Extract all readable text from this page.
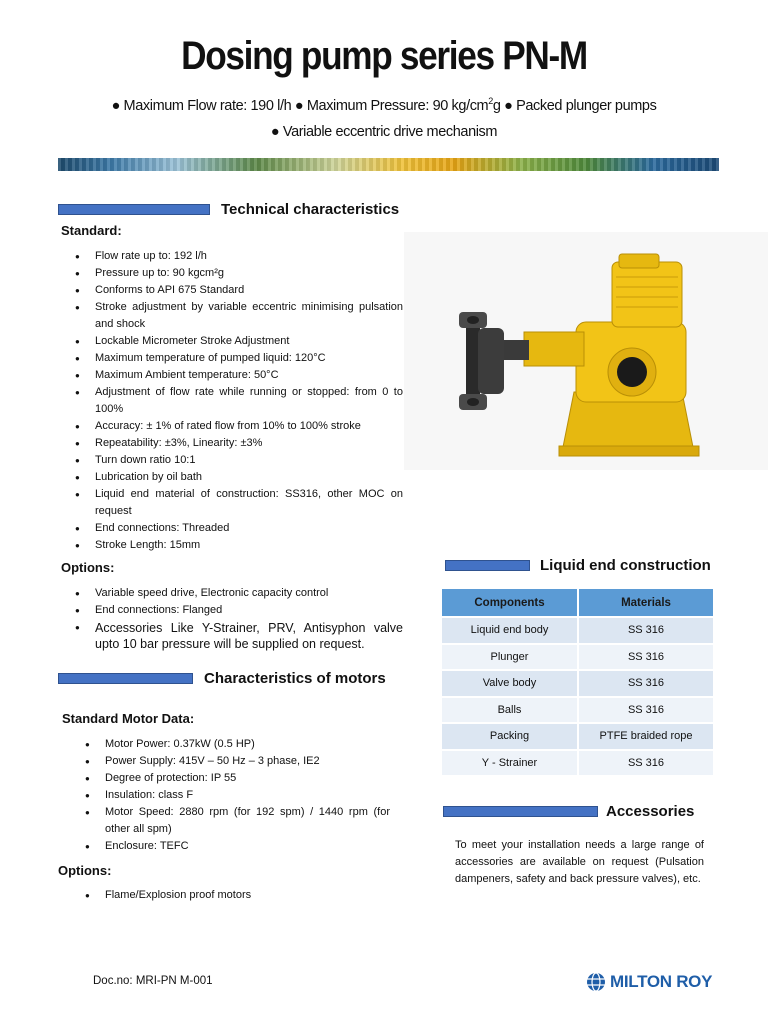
Dosing pump series PN-M
● Maximum Flow rate: 190 l/h ● Maximum Pressure: 90 $kg/cm^2g$ ● Packed plunger pumps
● Variable eccentric drive mechanism
Technical characteristics
Standard:
● Flow rate up to: 192 l/h
● Pressure up to: 90 kgcm²g
● Conforms to API 675 Standard
● Stroke adjustment by variable eccentric minimising pulsation and shock
● Lockable Micrometer Stroke Adjustment
● Maximum temperature of pumped liquid: 120°C
● Maximum Ambient temperature: 50°C
● Adjustment of flow rate while running or stopped: from 0 to 100%
● Accuracy: ± 1% of rated flow from 10% to 100% stroke
● Repeatability: ±3%, Linearity: ±3%
● Turn down ratio 10:1
● Lubrication by oil bath
● Liquid end material of construction: SS316, other MOC on request
● End connections: Threaded
● Stroke Length: 15mm
Options:
● Variable speed drive, Electronic capacity control
● End connections: Flanged
● Accessories Like Y-Strainer, PRV, Antisyphon valve upto 10 bar pressure will be supplied on request.
Characteristics of motors
Standard Motor Data:
● Motor Power: 0.37kW (0.5 HP)
● Power Supply: 415V – 50 Hz – 3 phase, IE2
● Degree of protection: IP 55
● Insulation: class F
● Motor Speed: 2880 rpm (for 192 spm) / 1440 rpm (for other all spm)
● Enclosure: TEFC
Options:
● Flame/Explosion proof motors
Liquid end construction
Components	Materials
Liquid end body	SS 316
Plunger	SS 316
Valve body	SS 316
Balls	SS 316
Packing	PTFE braided rope
Y - Strainer	SS 316
Accessories
To meet your installation needs a large range of accessories are available on request (Pulsation dampeners, safety and back pressure valves), etc.
Doc.no: MRI-PN M-001	MILTON ROY
